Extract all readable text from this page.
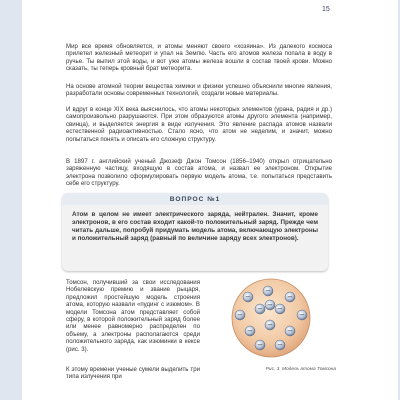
15

Мир все время обновляется, и атомы меняют своего «хозяина». Из далекого космоса прилетел железный метеорит и упал на Землю. Часть его атомов железа попала в воду в ручье. Ты выпил этой воды, и вот уже атомы железа вошли в состав твоей крови. Можно сказать, ты теперь кровный брат метеорита.

На основе атомной теории вещества химики и физики успешно объяснили многие явления, разработали основы современных технологий, создали новые материалы.

И вдруг в конце XIX века выяснилось, что атомы некоторых элементов (урана, радия и др.) самопроизвольно разрушаются. При этом образуются атомы другого элемента (например, свинца), и выделяется энергия в виде излучения. Это явление распада атомов назвали естественной радиоактивностью. Стало ясно, что атом не неделим, и значит, можно попытаться понять и описать его сложную структуру.

В 1897 г. английский ученый Джозеф Джон Томсон (1856–1940) открыл отрицательно заряженную частицу, входящую в состав атома, и назвал ее электроном. Открытие электрона позволило сформулировать первую модель атома, т.е. попытаться представить себе его структуру.

ВОПРОС №1

Атом в целом не имеет электрического заряда, нейтрален. Значит, кроме электронов, в его состав входит какой-то положительный заряд. Прежде чем читать дальше, попробуй придумать модель атома, включающую электроны и положительный заряд (равный по величине заряду всех электронов).

Томсон, получивший за свои исследования Нобелевскую премию и звание рыцаря, предложил простейшую модель строения атома, которую назвали «пудинг с изюмом». В модели Томсона атом представляет собой сферу, в которой положительный заряд более или менее равномерно распределен по объему, а электроны располагаются среди положительного заряда, как изюминки в кексе (рис. 3).

К этому времени ученые сумели выделить три типа излучения при

−
−
−
−
− −
−
−
−
−
− −
−
Рис. 3. Модель атома Томсона
